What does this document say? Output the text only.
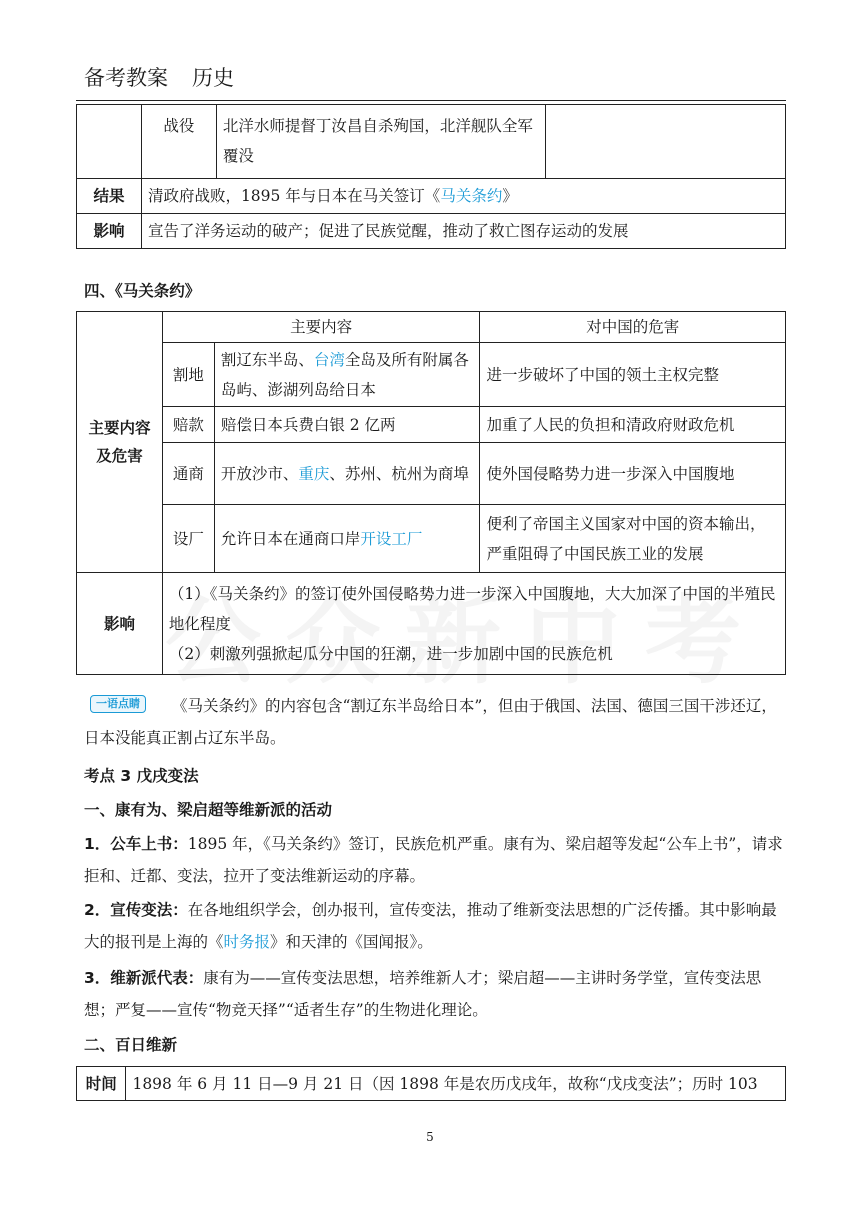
备考教案 历史
	战役	北洋水师提督丁汝昌自杀殉国，北洋舰队全军覆没	
结果	清政府战败，1895 年与日本在马关签订《马关条约》		
影响	宣告了洋务运动的破产；促进了民族觉醒，推动了救亡图存运动的发展		
四、《马关条约》
主要内容及危害	主要内容		对中国的危害
	割地	割辽东半岛、台湾全岛及所有附属各岛屿、澎湖列岛给日本	进一步破坏了中国的领土主权完整
	赔款	赔偿日本兵费白银 2 亿两	加重了人民的负担和清政府财政危机
	通商	开放沙市、重庆、苏州、杭州为商埠	使外国侵略势力进一步深入中国腹地
	设厂	允许日本在通商口岸开设工厂	便利了帝国主义国家对中国的资本输出，严重阻碍了中国民族工业的发展
影响	（1）《马关条约》的签订使外国侵略势力进一步深入中国腹地，大大加深了中国的半殖民地化程度
（2）刺激列强掀起瓜分中国的狂潮，进一步加剧中国的民族危机		
一语点睛	《马关条约》的内容包含“割辽东半岛给日本”，但由于俄国、法国、德国三国干涉还辽，日本没能真正割占辽东半岛。
考点 3 戊戌变法
一、康有为、梁启超等维新派的活动
1．公车上书：1895 年，《马关条约》签订，民族危机严重。康有为、梁启超等发起“公车上书”，请求拒和、迁都、变法，拉开了变法维新运动的序幕。
2．宣传变法：在各地组织学会，创办报刊，宣传变法，推动了维新变法思想的广泛传播。其中影响最大的报刊是上海的《时务报》和天津的《国闻报》。
3．维新派代表：康有为——宣传变法思想，培养维新人才；梁启超——主讲时务学堂，宣传变法思想；严复——宣传“物竞天择”“适者生存”的生物进化理论。
二、百日维新
时间	1898 年 6 月 11 日—9 月 21 日（因 1898 年是农历戊戌年，故称“戊戌变法”；历时 103
5
